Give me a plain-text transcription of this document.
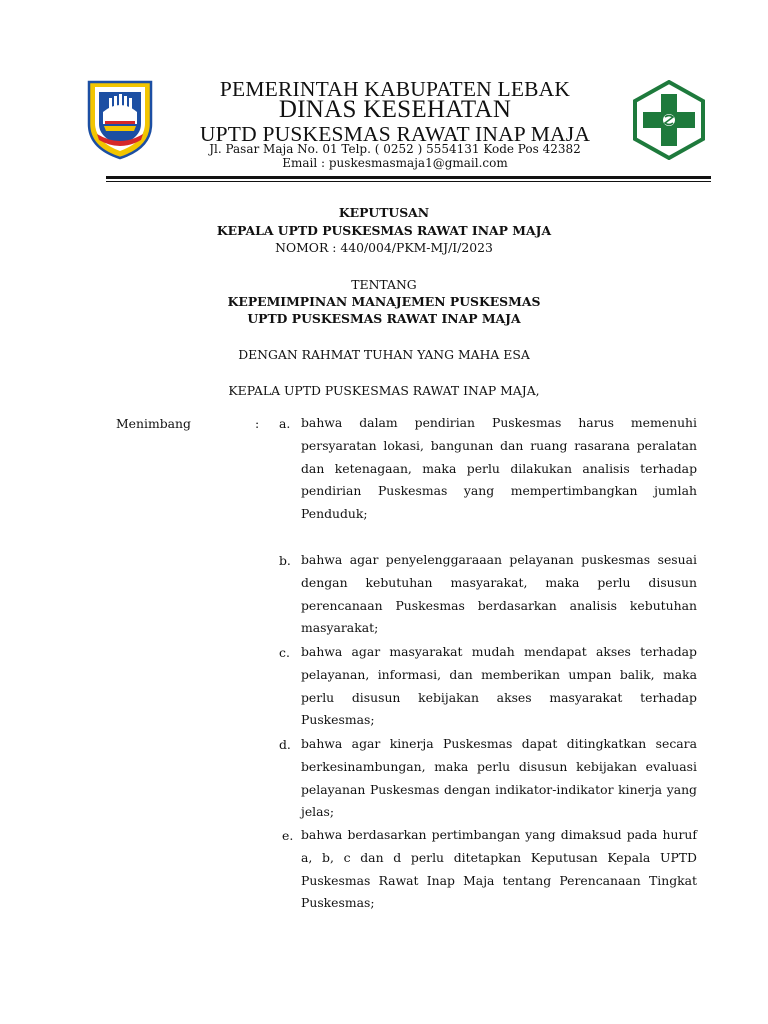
PEMERINTAH KABUPATEN LEBAK
DINAS KESEHATAN
UPTD PUSKESMAS RAWAT INAP MAJA
Jl. Pasar Maja No. 01 Telp. ( 0252 ) 5554131 Kode Pos 42382
Email : puskesmasmaja1@gmail.com
KEPUTUSAN
KEPALA UPTD PUSKESMAS RAWAT INAP MAJA
NOMOR : 440/004/PKM-MJ/I/2023
TENTANG
KEPEMIMPINAN MANAJEMEN PUSKESMAS
UPTD PUSKESMAS RAWAT INAP MAJA
DENGAN RAHMAT TUHAN YANG MAHA ESA
KEPALA UPTD PUSKESMAS RAWAT INAP MAJA,
Menimbang	: a. bahwa dalam pendirian Puskesmas harus memenuhi persyaratan lokasi, bangunan dan ruang rasarana peralatan dan ketenagaan, maka perlu dilakukan analisis terhadap pendirian Puskesmas yang mempertimbangkan jumlah Penduduk;

b. bahwa agar penyelenggaraaan pelayanan puskesmas sesuai dengan kebutuhan masyarakat, maka perlu disusun perencanaan Puskesmas berdasarkan analisis kebutuhan masyarakat;

c. bahwa agar masyarakat mudah mendapat akses terhadap pelayanan, informasi, dan memberikan umpan balik, maka perlu disusun kebijakan akses masyarakat terhadap Puskesmas;

d. bahwa agar kinerja Puskesmas dapat ditingkatkan secara berkesinambungan, maka perlu disusun kebijakan evaluasi pelayanan Puskesmas dengan indikator-indikator kinerja yang jelas;

e. bahwa berdasarkan pertimbangan yang dimaksud pada huruf a, b, c dan d perlu ditetapkan Keputusan Kepala UPTD Puskesmas Rawat Inap Maja tentang Perencanaan Tingkat Puskesmas;
